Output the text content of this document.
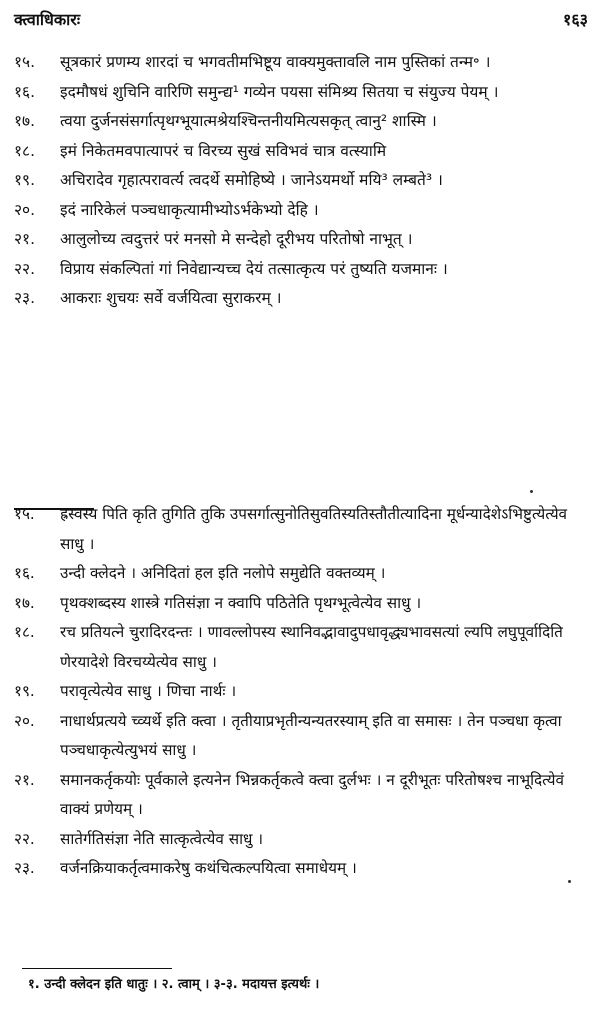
क्त्वाधिकारः	१६३
१५.	सूत्रकारं प्रणम्य शारदां च भगवतीमभिष्टूय वाक्यमुक्तावलि नाम पुस्तिकां तन्म॰ ।
१६.	इदमौषधं शुचिनि वारिणि समुन्द्य¹ गव्येन पयसा संमिश्र्य सितया च संयुज्य पेयम् ।
१७.	त्वया दुर्जनसंसर्गात्पृथग्भूयात्मश्रेयश्चिन्तनीयमित्यसकृत् त्वानु² शास्मि ।
१८.	इमं निकेतमवपात्यापरं च विरच्य सुखं सविभवं चात्र वत्स्यामि
१९.	अचिरादेव गृहात्परावर्त्य त्वदर्थे समोहिष्ये । जानेऽयमर्थो मयि³ लम्बते³ ।
२०.	इदं नारिकेलं पञ्चधाकृत्यामीभ्योऽर्भकेभ्यो देहि ।
२१.	आलुलोच्य त्वदुत्तरं परं मनसो मे सन्देहो दूरीभय परितोषो नाभूत् ।
२२.	विप्राय संकल्पितां गां निवेद्यान्यच्च देयं तत्सात्कृत्य परं तुष्यति यजमानः ।
२३.	आकराः शुचयः सर्वे वर्जयित्वा सुराकरम् ।
१५.	ह्रस्वस्य पिति कृति तुगिति तुकि उपसर्गात्सुनोतिसुवतिस्यतिस्तौतीत्यादिना मूर्धन्यादेशेऽभिष्टुत्येत्येव साधु ।
१६.	उन्दी क्लेदने । अनिदितां हल इति नलोपे समुद्येति वक्तव्यम् ।
१७.	पृथक्शब्दस्य शास्त्रे गतिसंज्ञा न क्वापि पठितेति पृथग्भूत्वेत्येव साधु ।
१८.	रच प्रतियत्ने चुरादिरदन्तः । णावल्लोपस्य स्थानिवद्भावादुपधावृद्ध्यभावसत्यां ल्यपि लघुपूर्वादिति णेरयादेशे विरचय्येत्येव साधु ।
१९.	परावृत्येत्येव साधु । णिचा नार्थः ।
२०.	नाधार्थप्रत्यये च्व्यर्थे इति क्त्वा । तृतीयाप्रभृतीन्यन्यतरस्याम् इति वा समासः । तेन पञ्चधा कृत्वा पञ्चधाकृत्येत्युभयं साधु ।
२१.	समानकर्तृकयोः पूर्वकाले इत्यनेन भिन्नकर्तृकत्वे क्त्वा दुर्लभः । न दूरीभूतः परितोषश्च नाभूदित्येवं वाक्यं प्रणेयम् ।
२२.	सातेर्गतिसंज्ञा नेति सात्कृत्वेत्येव साधु ।
२३.	वर्जनक्रियाकर्तृत्वमाकरेषु कथंचित्कल्पयित्वा समाधेयम् ।
१. उन्दी क्लेदन इति धातुः । २. त्वाम् । ३-३. मदायत्त इत्यर्थः ।
